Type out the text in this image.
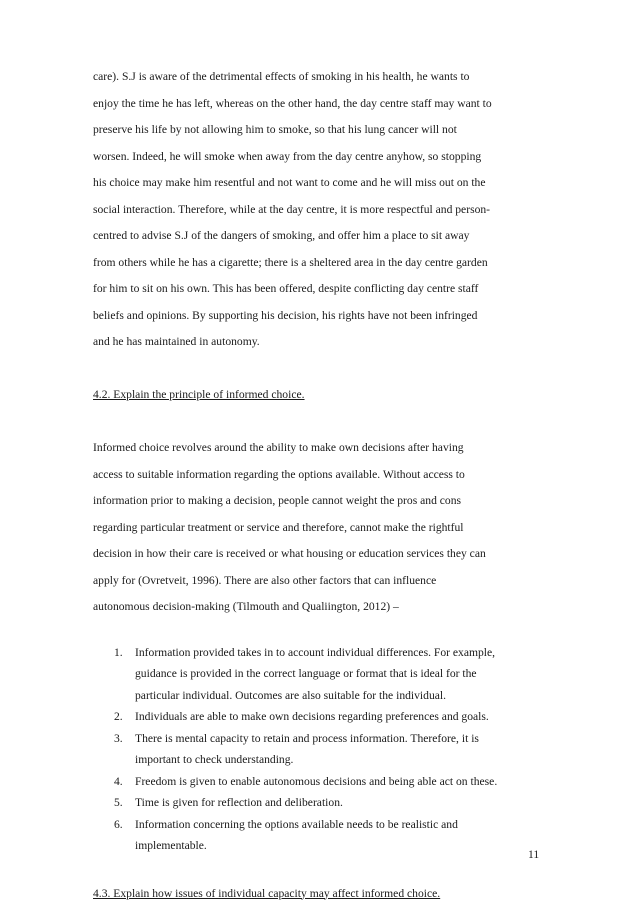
care). S.J is aware of the detrimental effects of smoking in his health, he wants to
enjoy the time he has left, whereas on the other hand, the day centre staff may want to
preserve his life by not allowing him to smoke, so that his lung cancer will not
worsen. Indeed, he will smoke when away from the day centre anyhow, so stopping
his choice may make him resentful and not want to come and he will miss out on the
social interaction. Therefore, while at the day centre, it is more respectful and person-
centred to advise S.J of the dangers of smoking, and offer him a place to sit away
from others while he has a cigarette; there is a sheltered area in the day centre garden
for him to sit on his own. This has been offered, despite conflicting day centre staff
beliefs and opinions. By supporting his decision, his rights have not been infringed
and he has maintained in autonomy.

4.2. Explain the principle of informed choice.

Informed choice revolves around the ability to make own decisions after having
access to suitable information regarding the options available. Without access to
information prior to making a decision, people cannot weight the pros and cons
regarding particular treatment or service and therefore, cannot make the rightful
decision in how their care is received or what housing or education services they can
apply for (Ovretveit, 1996). There are also other factors that can influence
autonomous decision-making (Tilmouth and Qualiington, 2012) –

1. Information provided takes in to account individual differences. For example,
guidance is provided in the correct language or format that is ideal for the
particular individual. Outcomes are also suitable for the individual.
2. Individuals are able to make own decisions regarding preferences and goals.
3. There is mental capacity to retain and process information. Therefore, it is
important to check understanding.
4. Freedom is given to enable autonomous decisions and being able act on these.
5. Time is given for reflection and deliberation.
6. Information concerning the options available needs to be realistic and
implementable.

4.3. Explain how issues of individual capacity may affect informed choice.

11
